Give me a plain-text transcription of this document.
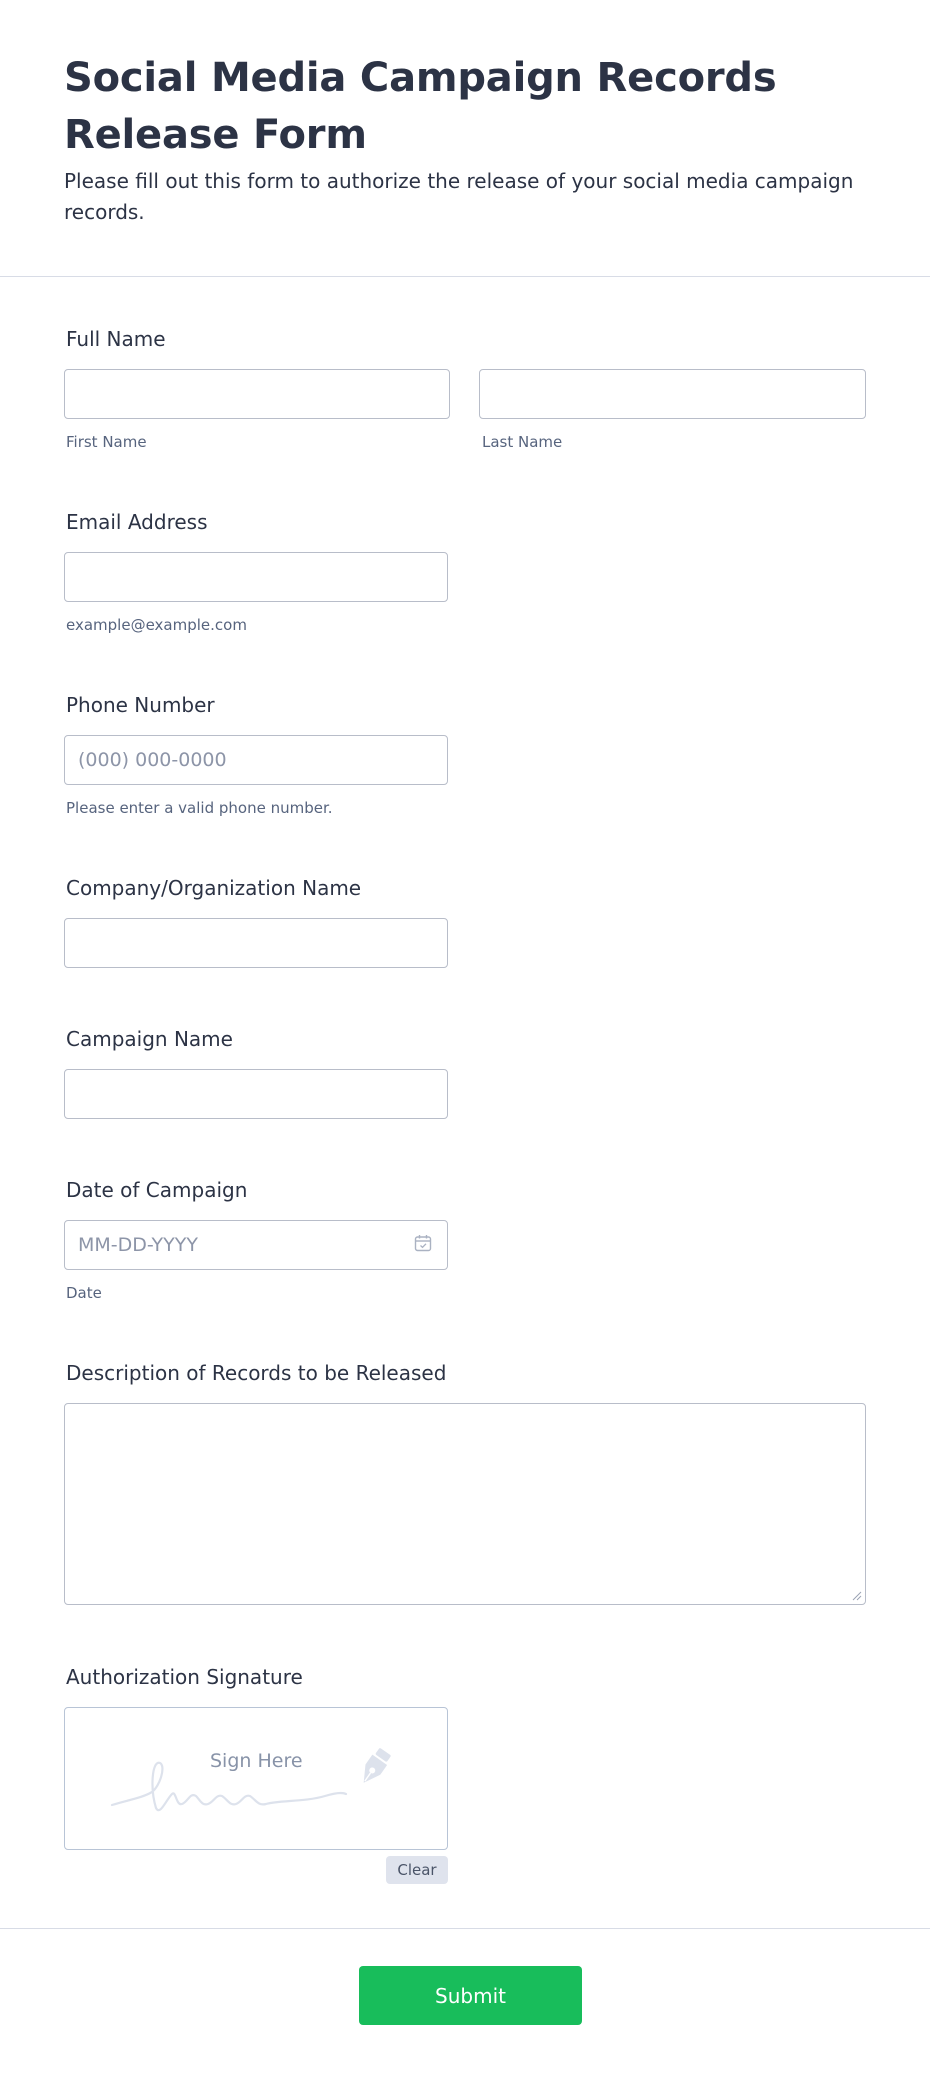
Social Media Campaign Records Release Form

Please fill out this form to authorize the release of your social media campaign records.

Full Name
First Name	Last Name
Email Address
example@example.com
Phone Number
(000) 000-0000
Please enter a valid phone number.
Company/Organization Name
Campaign Name
Date of Campaign
MM-DD-YYYY
Date
Description of Records to be Released
Authorization Signature
Sign Here
Clear
Submit
